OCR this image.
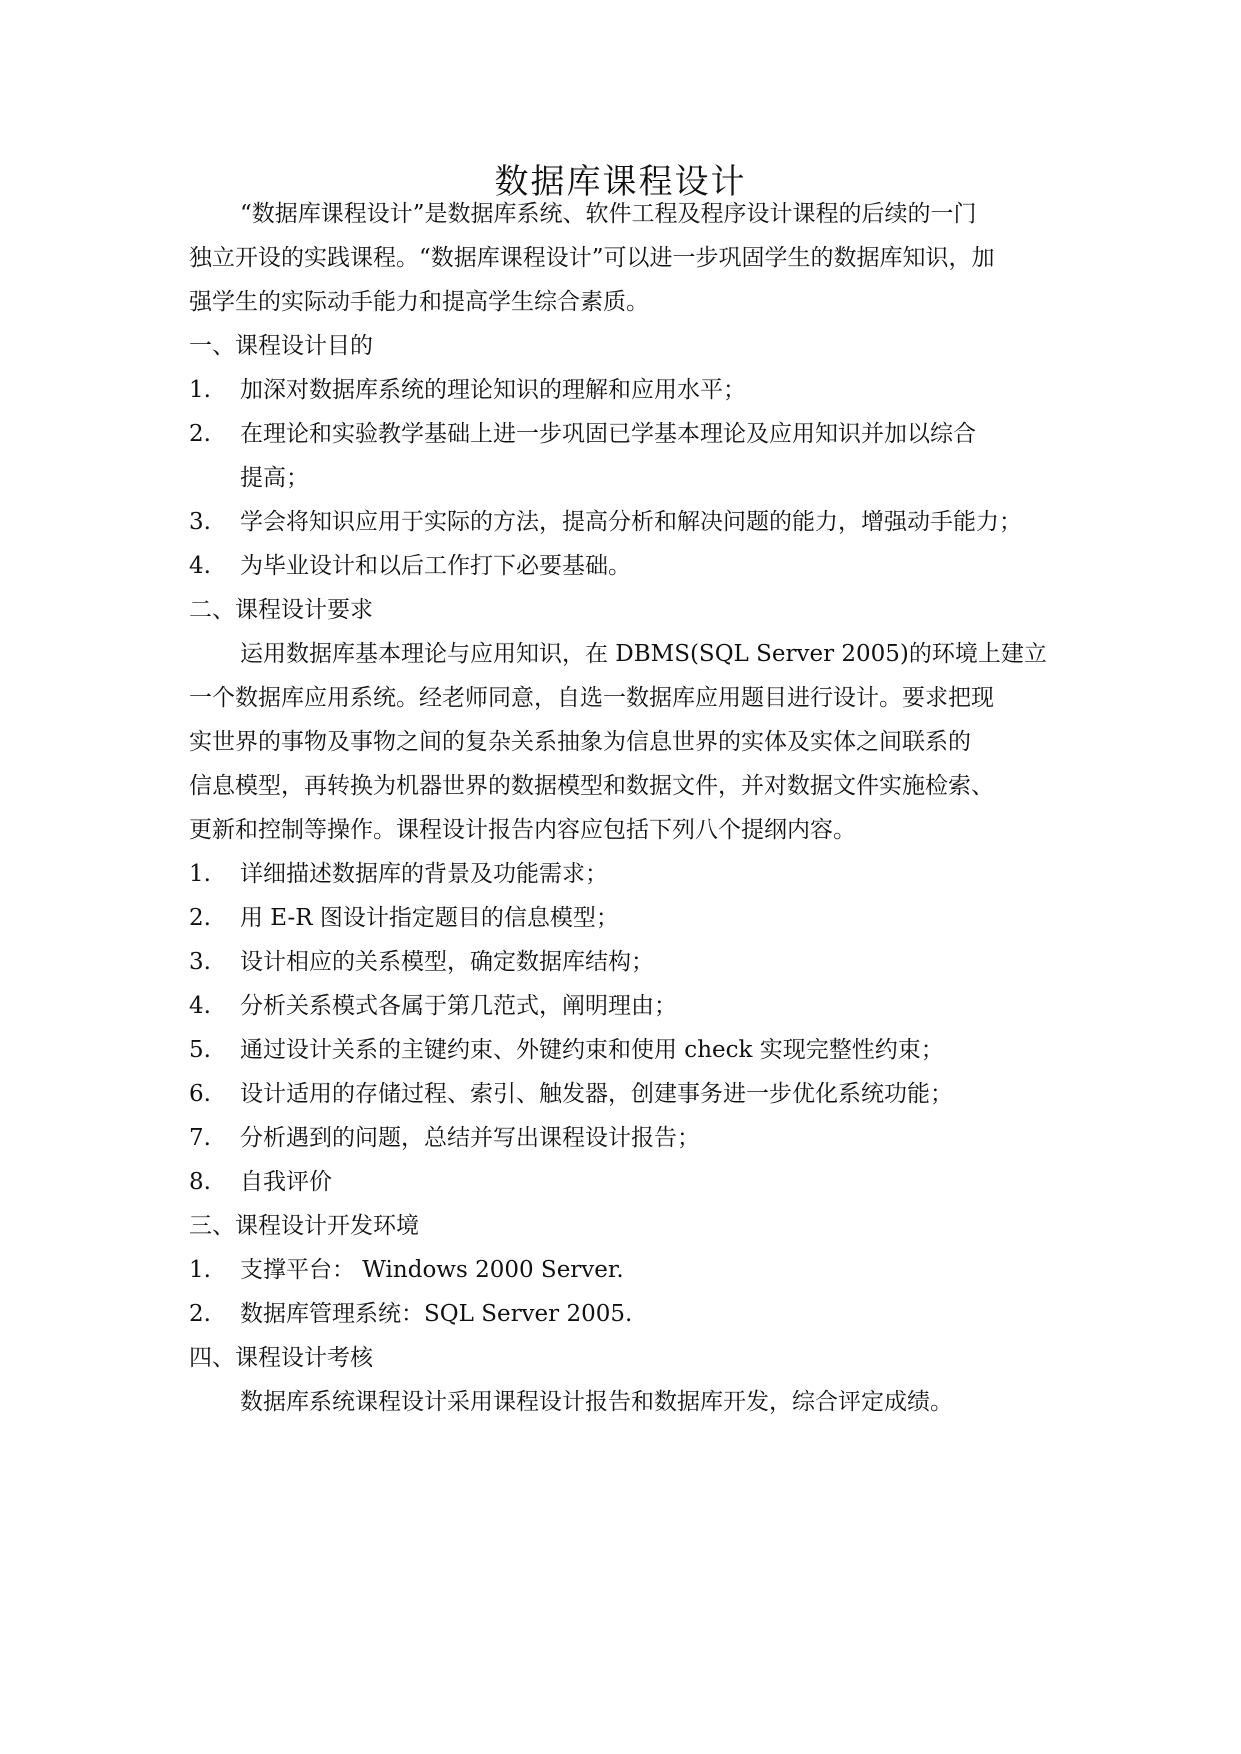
数据库课程设计
“数据库课程设计”是数据库系统、软件工程及程序设计课程的后续的一门
独立开设的实践课程。“数据库课程设计”可以进一步巩固学生的数据库知识，加
强学生的实际动手能力和提高学生综合素质。
一、课程设计目的
1. 加深对数据库系统的理论知识的理解和应用水平；
2. 在理论和实验教学基础上进一步巩固已学基本理论及应用知识并加以综合
提高；
3. 学会将知识应用于实际的方法，提高分析和解决问题的能力，增强动手能力；
4. 为毕业设计和以后工作打下必要基础。
二、课程设计要求
运用数据库基本理论与应用知识，在 DBMS(SQL Server 2005)的环境上建立
一个数据库应用系统。经老师同意，自选一数据库应用题目进行设计。要求把现
实世界的事物及事物之间的复杂关系抽象为信息世界的实体及实体之间联系的
信息模型，再转换为机器世界的数据模型和数据文件，并对数据文件实施检索、
更新和控制等操作。课程设计报告内容应包括下列八个提纲内容。
1. 详细描述数据库的背景及功能需求；
2. 用 E-R 图设计指定题目的信息模型；
3. 设计相应的关系模型，确定数据库结构；
4. 分析关系模式各属于第几范式，阐明理由；
5. 通过设计关系的主键约束、外键约束和使用 check 实现完整性约束；
6. 设计适用的存储过程、索引、触发器，创建事务进一步优化系统功能；
7. 分析遇到的问题，总结并写出课程设计报告；
8. 自我评价
三、课程设计开发环境
1. 支撑平台： Windows 2000 Server.
2. 数据库管理系统：SQL Server 2005.
四、课程设计考核
数据库系统课程设计采用课程设计报告和数据库开发，综合评定成绩。
